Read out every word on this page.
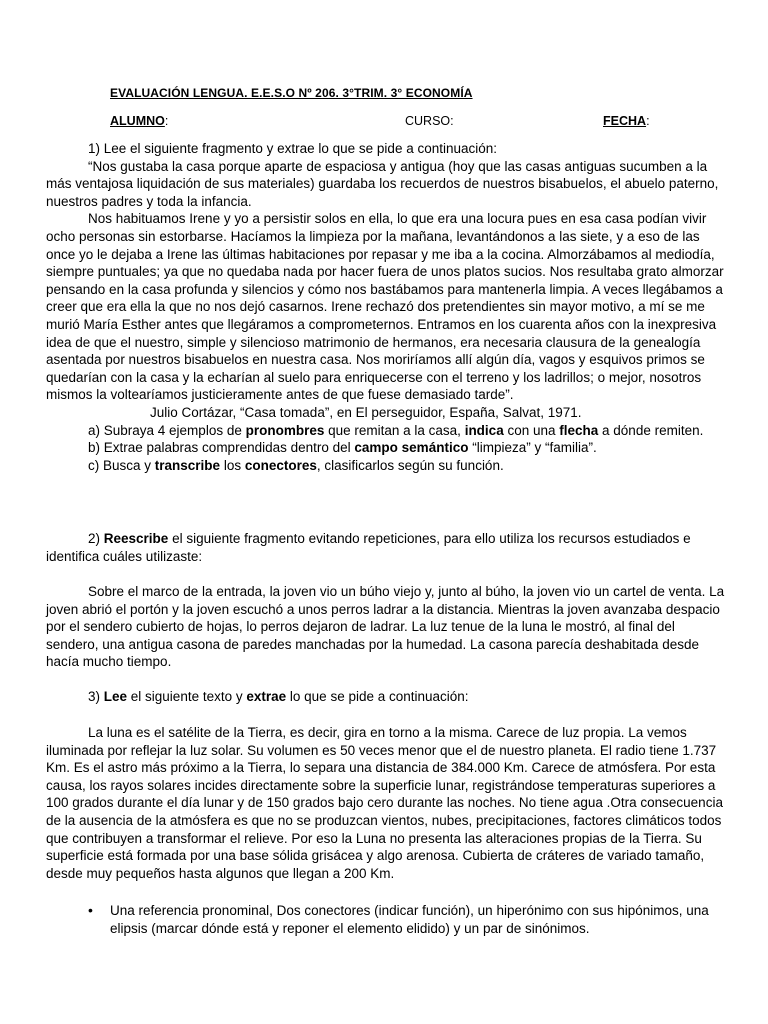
EVALUACIÓN LENGUA. E.E.S.O Nº 206. 3°TRIM. 3° ECONOMÍA
ALUMNO:	CURSO:	FECHA:

1) Lee el siguiente fragmento y extrae lo que se pide a continuación:

“Nos gustaba la casa porque aparte de espaciosa y antigua (hoy que las casas antiguas sucumben a la más ventajosa liquidación de sus materiales) guardaba los recuerdos de nuestros bisabuelos, el abuelo paterno, nuestros padres y toda la infancia.

Nos habituamos Irene y yo a persistir solos en ella, lo que era una locura pues en esa casa podían vivir ocho personas sin estorbarse. Hacíamos la limpieza por la mañana, levantándonos a las siete, y a eso de las once yo le dejaba a Irene las últimas habitaciones por repasar y me iba a la cocina. Almorzábamos al mediodía, siempre puntuales; ya que no quedaba nada por hacer fuera de unos platos sucios. Nos resultaba grato almorzar pensando en la casa profunda y silencios y cómo nos bastábamos para mantenerla limpia. A veces llegábamos a creer que era ella la que no nos dejó casarnos. Irene rechazó dos pretendientes sin mayor motivo, a mí se me murió María Esther antes que llegáramos a comprometernos. Entramos en los cuarenta años con la inexpresiva idea de que el nuestro, simple y silencioso matrimonio de hermanos, era necesaria clausura de la genealogía asentada por nuestros bisabuelos en nuestra casa. Nos moriríamos allí algún día, vagos y esquivos primos se quedarían con la casa y la echarían al suelo para enriquecerse con el terreno y los ladrillos; o mejor, nosotros mismos la voltearíamos justicieramente antes de que fuese demasiado tarde”.

Julio Cortázar, “Casa tomada”, en El perseguidor, España, Salvat, 1971.

a) Subraya 4 ejemplos de pronombres que remitan a la casa, indica con una flecha a dónde remiten.

b) Extrae palabras comprendidas dentro del campo semántico “limpieza” y “familia”.

c) Busca y transcribe los conectores, clasificarlos según su función.

2) Reescribe el siguiente fragmento evitando repeticiones, para ello utiliza los recursos estudiados e identifica cuáles utilizaste:

Sobre el marco de la entrada, la joven vio un búho viejo y, junto al búho, la joven vio un cartel de venta. La joven abrió el portón y la joven escuchó a unos perros ladrar a la distancia. Mientras la joven avanzaba despacio por el sendero cubierto de hojas, lo perros dejaron de ladrar. La luz tenue de la luna le mostró, al final del sendero, una antigua casona de paredes manchadas por la humedad. La casona parecía deshabitada desde hacía mucho tiempo.

3) Lee el siguiente texto y extrae lo que se pide a continuación:

La luna es el satélite de la Tierra, es decir, gira en torno a la misma. Carece de luz propia. La vemos iluminada por reflejar la luz solar. Su volumen es 50 veces menor que el de nuestro planeta. El radio tiene 1.737 Km. Es el astro más próximo a la Tierra, lo separa una distancia de 384.000 Km. Carece de atmósfera. Por esta causa, los rayos solares incides directamente sobre la superficie lunar, registrándose temperaturas superiores a 100 grados durante el día lunar y de 150 grados bajo cero durante las noches. No tiene agua .Otra consecuencia de la ausencia de la atmósfera es que no se produzcan vientos, nubes, precipitaciones, factores climáticos todos que contribuyen a transformar el relieve. Por eso la Luna no presenta las alteraciones propias de la Tierra. Su superficie está formada por una base sólida grisácea y algo arenosa. Cubierta de cráteres de variado tamaño, desde muy pequeños hasta algunos que llegan a 200 Km.

•	Una referencia pronominal, Dos conectores (indicar función), un hiperónimo con sus hipónimos, una elipsis (marcar dónde está y reponer el elemento elidido) y un par de sinónimos.
